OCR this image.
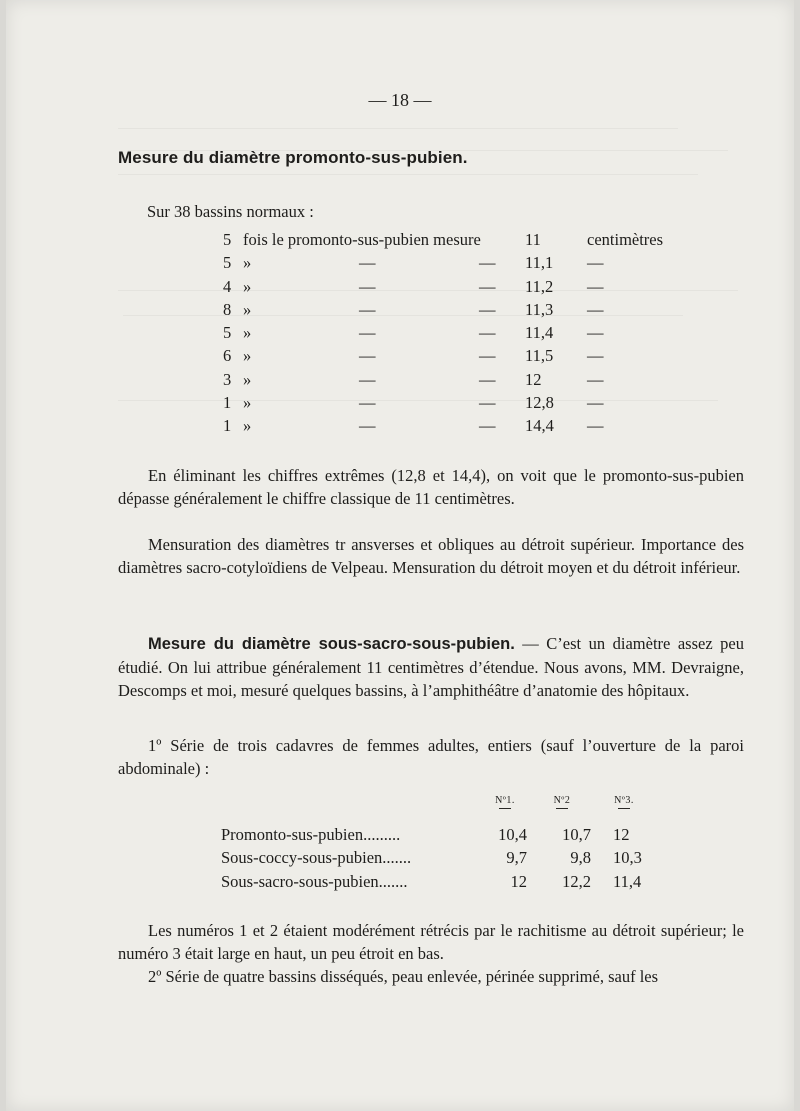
— 18 —
Mesure du diamètre promonto-sus-pubien.
Sur 38 bassins normaux :
5 fois le promonto-sus-pubien mesure	11	centimètres
5 »	—	— 11,1 —
4 »	—	— 11,2 —
8 »	—	— 11,3 —
5 »	—	— 11,4 —
6 »	—	— 11,5 —
3 »	—	— 12	—
1 »	—	— 12,8 —
1 »	—	— 14,4 —

En éliminant les chiffres extrêmes (12,8 et 14,4), on voit que le promonto-sus-pubien dépasse généralement le chiffre classique de 11 centimètres.

Mensuration des diamètres tr ansverses et obliques au détroit supérieur. Importance des diamètres sacro-cotyloïdiens de Velpeau. Mensuration du détroit moyen et du détroit inférieur.

Mesure du diamètre sous-sacro-sous-pubien. — C’est un diamètre assez peu étudié. On lui attribue généralement 11 centimètres d’étendue. Nous avons, MM. Devraigne, Descomps et moi, mesuré quelques bassins, à l’amphithéâtre d’anatomie des hôpitaux.

1º Série de trois cadavres de femmes adultes, entiers (sauf l’ouverture de la paroi abdominale) :

Nº1.	Nº2	Nº3.
Promonto-sus-pubien.........	10,4	10,7 12
Sous-coccy-sous-pubien.......	9,7	9,8 10,3
Sous-sacro-sous-pubien.......	12	12,2 11,4

Les numéros 1 et 2 étaient modérément rétrécis par le rachitisme au détroit supérieur; le numéro 3 était large en haut, un peu étroit en bas.

2º Série de quatre bassins disséqués, peau enlevée, périnée supprimé, sauf les
